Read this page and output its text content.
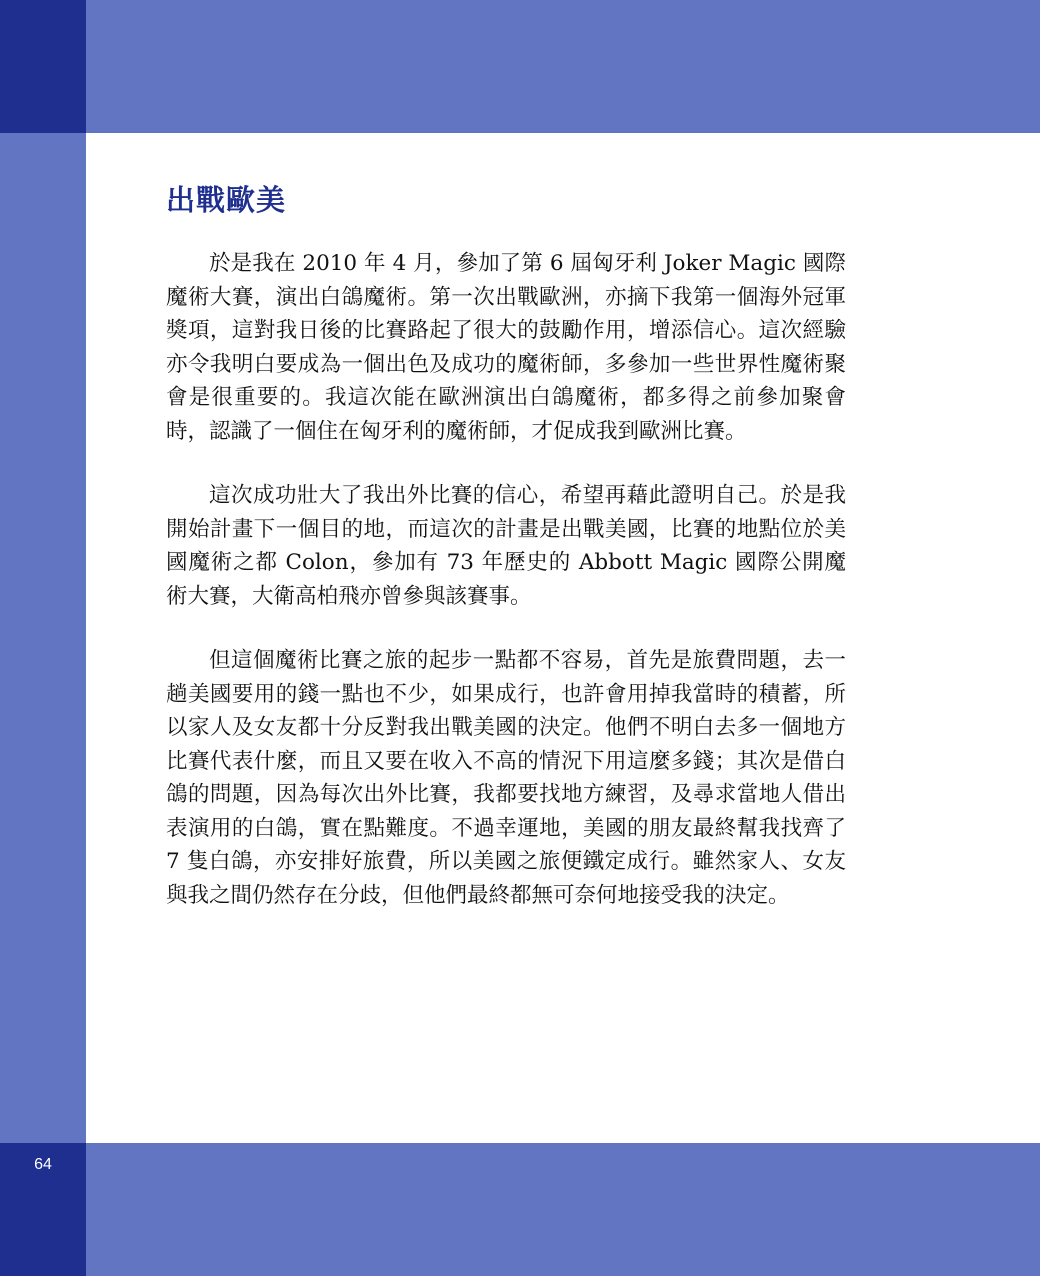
64
出戰歐美

於是我在 2010 年 4 月，參加了第 6 屆匈牙利 Joker Magic 國際魔術大賽，演出白鴿魔術。第一次出戰歐洲，亦摘下我第一個海外冠軍獎項，這對我日後的比賽路起了很大的鼓勵作用，增添信心。這次經驗亦令我明白要成為一個出色及成功的魔術師，多參加一些世界性魔術聚會是很重要的。我這次能在歐洲演出白鴿魔術，都多得之前參加聚會時，認識了一個住在匈牙利的魔術師，才促成我到歐洲比賽。

這次成功壯大了我出外比賽的信心，希望再藉此證明自己。於是我開始計畫下一個目的地，而這次的計畫是出戰美國，比賽的地點位於美國魔術之都 Colon，參加有 73 年歷史的 Abbott Magic 國際公開魔術大賽，大衛高柏飛亦曾參與該賽事。

但這個魔術比賽之旅的起步一點都不容易，首先是旅費問題，去一趟美國要用的錢一點也不少，如果成行，也許會用掉我當時的積蓄，所以家人及女友都十分反對我出戰美國的決定。他們不明白去多一個地方比賽代表什麼，而且又要在收入不高的情況下用這麼多錢；其次是借白鴿的問題，因為每次出外比賽，我都要找地方練習，及尋求當地人借出表演用的白鴿，實在點難度。不過幸運地，美國的朋友最終幫我找齊了 7 隻白鴿，亦安排好旅費，所以美國之旅便鐵定成行。雖然家人、女友與我之間仍然存在分歧，但他們最終都無可奈何地接受我的決定。
